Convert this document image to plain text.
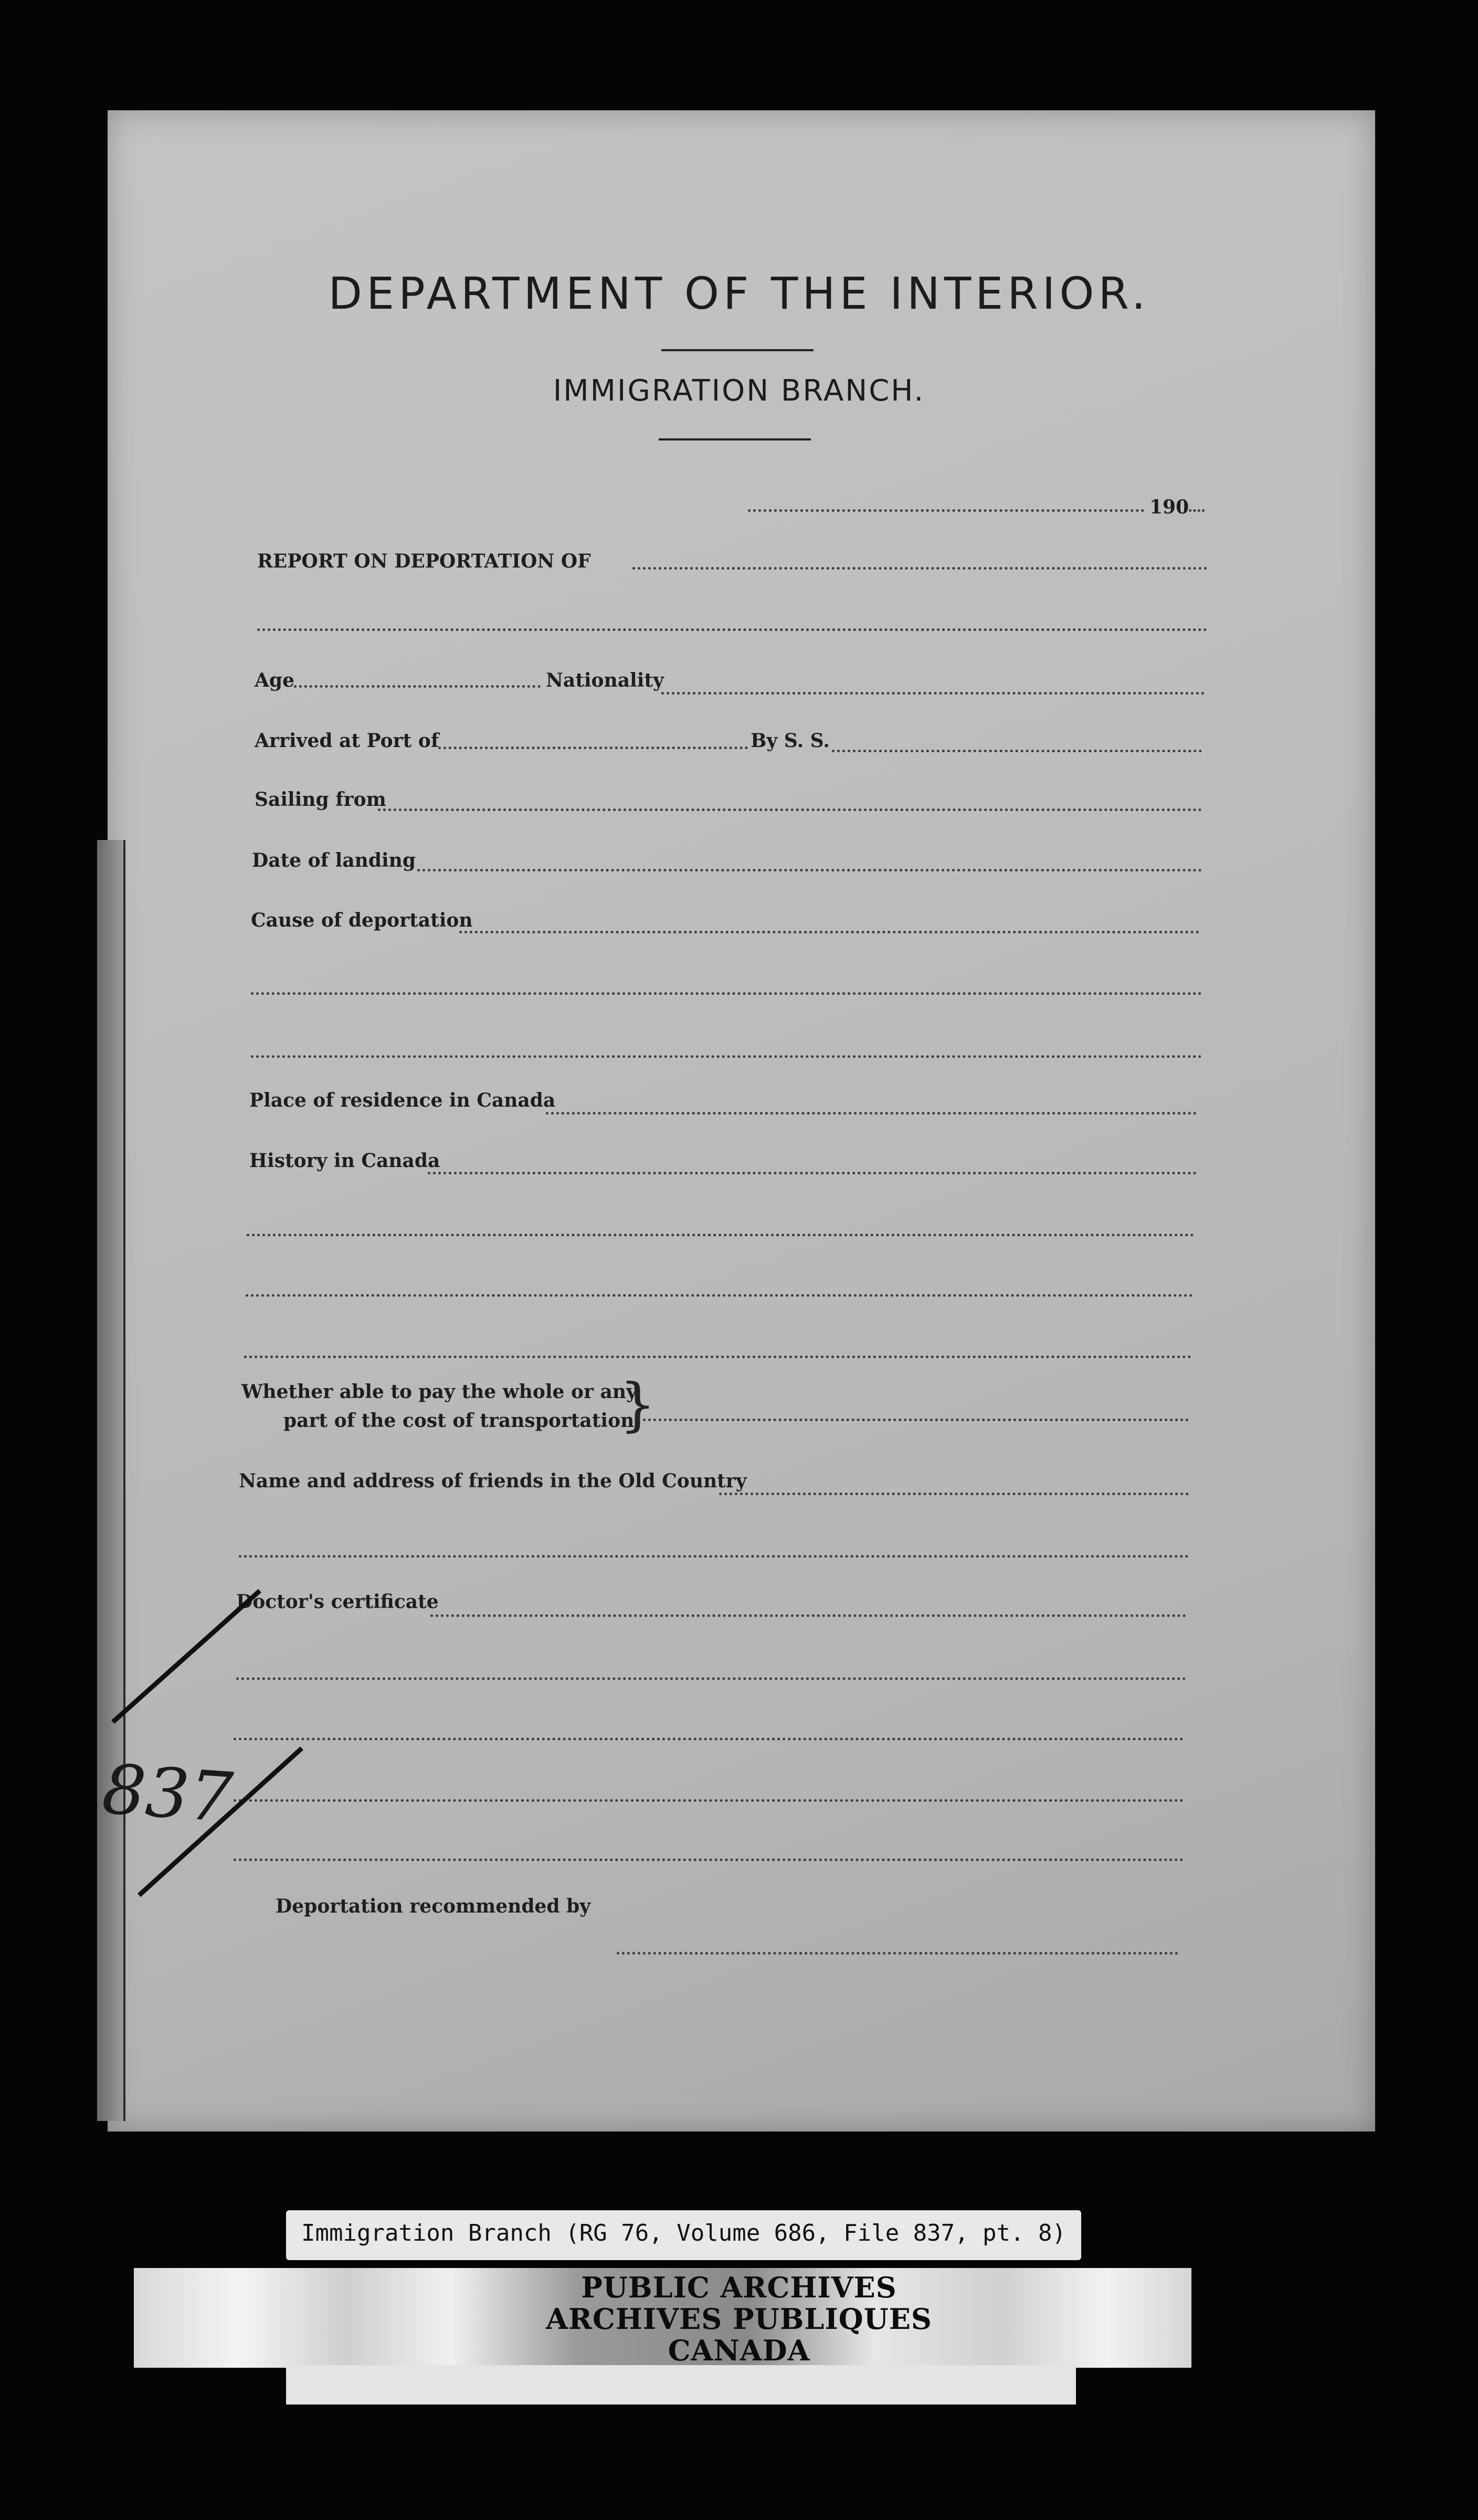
DEPARTMENT OF THE INTERIOR.
IMMIGRATION BRANCH.
190
REPORT ON DEPORTATION OF
Age	Nationality
Arrived at Port of	By S. S.
Sailing from
Date of landing
Cause of deportation
Place of residence in Canada
History in Canada
Whether able to pay the whole or any
part of the cost of transportation
}
Name and address of friends in the Old Country
Doctor's certificate
Deportation recommended by
837
Immigration Branch (RG 76, Volume 686, File 837, pt. 8)
PUBLIC ARCHIVES
ARCHIVES PUBLIQUES
CANADA
